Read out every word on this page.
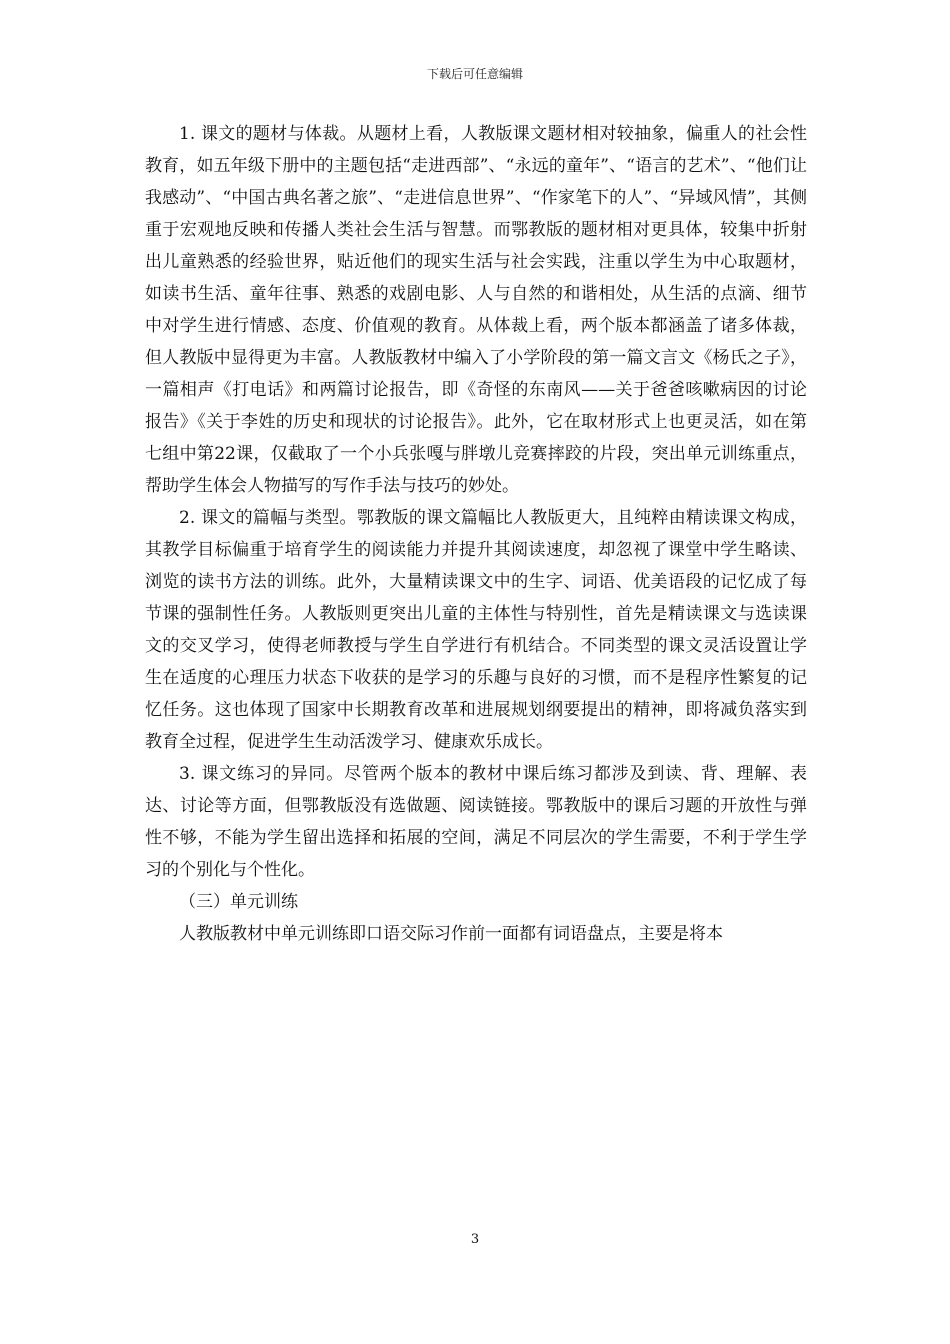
下载后可任意编辑

1. 课文的题材与体裁。从题材上看，人教版课文题材相对较抽象，偏重人的社会性教育，如五年级下册中的主题包括“走进西部”、“永远的童年”、“语言的艺术”、“他们让我感动”、“中国古典名著之旅”、“走进信息世界”、“作家笔下的人”、“异域风情”，其侧重于宏观地反映和传播人类社会生活与智慧。而鄂教版的题材相对更具体，较集中折射出儿童熟悉的经验世界，贴近他们的现实生活与社会实践，注重以学生为中心取题材，如读书生活、童年往事、熟悉的戏剧电影、人与自然的和谐相处，从生活的点滴、细节中对学生进行情感、态度、价值观的教育。从体裁上看，两个版本都涵盖了诸多体裁，但人教版中显得更为丰富。人教版教材中编入了小学阶段的第一篇文言文《杨氏之子》，一篇相声《打电话》和两篇讨论报告，即《奇怪的东南风——关于爸爸咳嗽病因的讨论报告》《关于李姓的历史和现状的讨论报告》。此外，它在取材形式上也更灵活，如在第七组中第22课，仅截取了一个小兵张嘎与胖墩儿竞赛摔跤的片段，突出单元训练重点，帮助学生体会人物描写的写作手法与技巧的妙处。

2. 课文的篇幅与类型。鄂教版的课文篇幅比人教版更大，且纯粹由精读课文构成，其教学目标偏重于培育学生的阅读能力并提升其阅读速度，却忽视了课堂中学生略读、浏览的读书方法的训练。此外，大量精读课文中的生字、词语、优美语段的记忆成了每节课的强制性任务。人教版则更突出儿童的主体性与特别性，首先是精读课文与选读课文的交叉学习，使得老师教授与学生自学进行有机结合。不同类型的课文灵活设置让学生在适度的心理压力状态下收获的是学习的乐趣与良好的习惯，而不是程序性繁复的记忆任务。这也体现了国家中长期教育改革和进展规划纲要提出的精神，即将减负落实到教育全过程，促进学生生动活泼学习、健康欢乐成长。

3. 课文练习的异同。尽管两个版本的教材中课后练习都涉及到读、背、理解、表达、讨论等方面，但鄂教版没有选做题、阅读链接。鄂教版中的课后习题的开放性与弹性不够，不能为学生留出选择和拓展的空间，满足不同层次的学生需要，不利于学生学习的个别化与个性化。

（三）单元训练

人教版教材中单元训练即口语交际习作前一面都有词语盘点，主要是将本

3
